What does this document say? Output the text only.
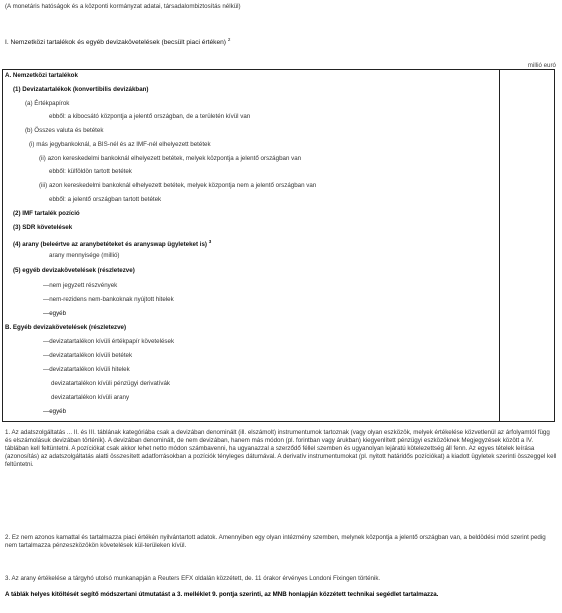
(A monetáris hatóságok és a központi kormányzat adatai, társadalombiztosítás nélkül)
I. Nemzetközi tartalékok és egyéb devizakövetelések (becsült piaci értéken) $^2$
millió euró
A. Nemzetközi tartalékok
(1) Devizatartalékok (konvertibilis devizákban)
(a) Értékpapírok
ebből: a kibocsátó központja a jelentő országban, de a területén kívül van
(b) Összes valuta és betétek
(i) más jegybankoknál, a BIS-nél és az IMF-nél elhelyezett betétek
(ii) azon kereskedelmi bankoknál elhelyezett betétek, melyek központja a jelentő országban van
ebből: külföldön tartott betétek
(iii) azon kereskedelmi bankoknál elhelyezett betétek, melyek központja nem a jelentő országban van
ebből: a jelentő országban tartott betétek
(2) IMF tartalék pozíció
(3) SDR követelések
(4) arany (beleértve az aranybetéteket és aranyswap ügyleteket is) $^3$
arany mennyisége (millió)
(5) egyéb devizakövetelések (részletezve)
—nem jegyzett részvények
—nem-rezidens nem-bankoknak nyújtott hitelek
—egyéb
B. Egyéb devizakövetelések (részletezve)
—devizatartalékon kívüli értékpapír követelések
—devizatartalékon kívüli betétek
—devizatartalékon kívüli hitelek
devizatartalékon kívüli pénzügyi derivatívák
devizatartalékon kívüli arany
—egyéb
1. Az adatszolgáltatás ... II. és III. táblának kategóriába csak a devizában denominált (ill. elszámolt) instrumentumok tartoznak (vagy olyan eszközök, melyek értékelése közvetlenül az árfolyamtól függ és elszámolásuk devizában történik). A devizában denominált, de nem devizában, hanem más módon (pl. forintban vagy árukban) kiegyenlített pénzügyi eszközöknek Megjegyzések között a IV. táblában kell feltüntetni. A pozíciókat csak akkor lehet netto módon számbavenni, ha ugyanazzal a szerződő féllel szemben és ugyanolyan lejáratú kötelezettség áll fenn. Az egyes tételek leírása (azonosítás) az adatszolgáltatás alatti összesített adatforrásokban a pozíciók tényleges dátumával. A derivatív instrumentumokat (pl. nyitott határidős pozíciókat) a kiadott ügyletek szerinti összeggel kell feltüntetni.
2. Ez nem azonos kamattal és tartalmazza piaci értékén nyilvántartott adatok. Amennyiben egy olyan intézmény szemben, melynek központja a jelentő országban van, a beldödési mód szerint pedig nem tartalmazza pénzeszközökön követelések kül-terüleken kívül.
3. Az arany értékelése a tárgyhó utolsó munkanapján a Reuters EFX oldalán közzétett, de. 11 órakor érvényes Londoni Fixingen történik.
A táblák helyes kitöltését segítő módszertani útmutatást a 3. melléklet 9. pontja szerinti, az MNB honlapján közzétett technikai segédlet tartalmazza.
